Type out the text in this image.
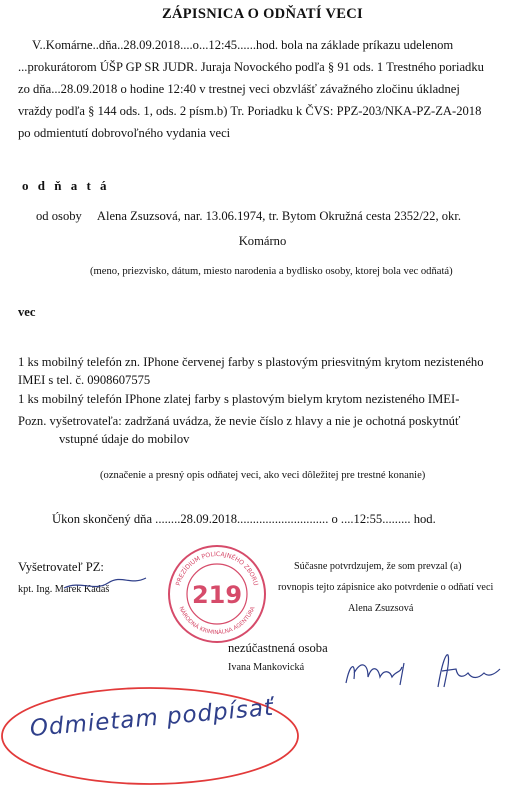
ZÁPISNICA O ODŇATÍ VECI
V..Komárne..dňa..28.09.2018....o...12:45......hod. bola na základe príkazu udelenom
...prokurátorom ÚŠP GP SR JUDR. Juraja Novockého podľa § 91 ods. 1 Trestného poriadku
zo dňa...28.09.2018 o hodine 12:40 v trestnej veci obzvlášť závažného zločinu úkladnej
vraždy podľa § 144 ods. 1, ods. 2 písm.b) Tr. Poriadku k ČVS: PPZ-203/NKA-PZ-ZA-2018
po odmientutí dobrovoľného vydania veci
o d ň a t á
od osoby     Alena Zsuzsová, nar. 13.06.1974, tr. Bytom Okružná cesta 2352/22, okr.
Komárno
(meno, priezvisko, dátum, miesto narodenia a bydlisko osoby, ktorej bola vec odňatá)
vec
1 ks mobilný telefón zn. IPhone červenej farby s plastovým priesvitným krytom nezisteného
IMEI s tel. č. 0908607575
1 ks mobilný telefón IPhone zlatej farby s plastovým bielym krytom nezisteného IMEI-
Pozn. vyšetrovateľa: zadržaná uvádza, že nevie číslo z hlavy a nie je ochotná poskytnúť
vstupné údaje do mobilov
(označenie a presný opis odňatej veci, ako veci dôležitej pre trestné konanie)
Úkon skončený dňa ........28.09.2018............................. o ....12:55......... hod.
Vyšetrovateľ PZ:
kpt. Ing. Marek Kadáš
PREZÍDIUM POLICAJNÉHO ZBORU
NÁRODNÁ KRIMINÁLNA AGENTÚRA
219
Súčasne potvrdzujem, že som prevzal (a)
rovnopis tejto zápisnice ako potvrdenie o odňatí veci
Alena Zsuzsová
nezúčastnená osoba
Ivana Mankovická
Odmietam podpísať
